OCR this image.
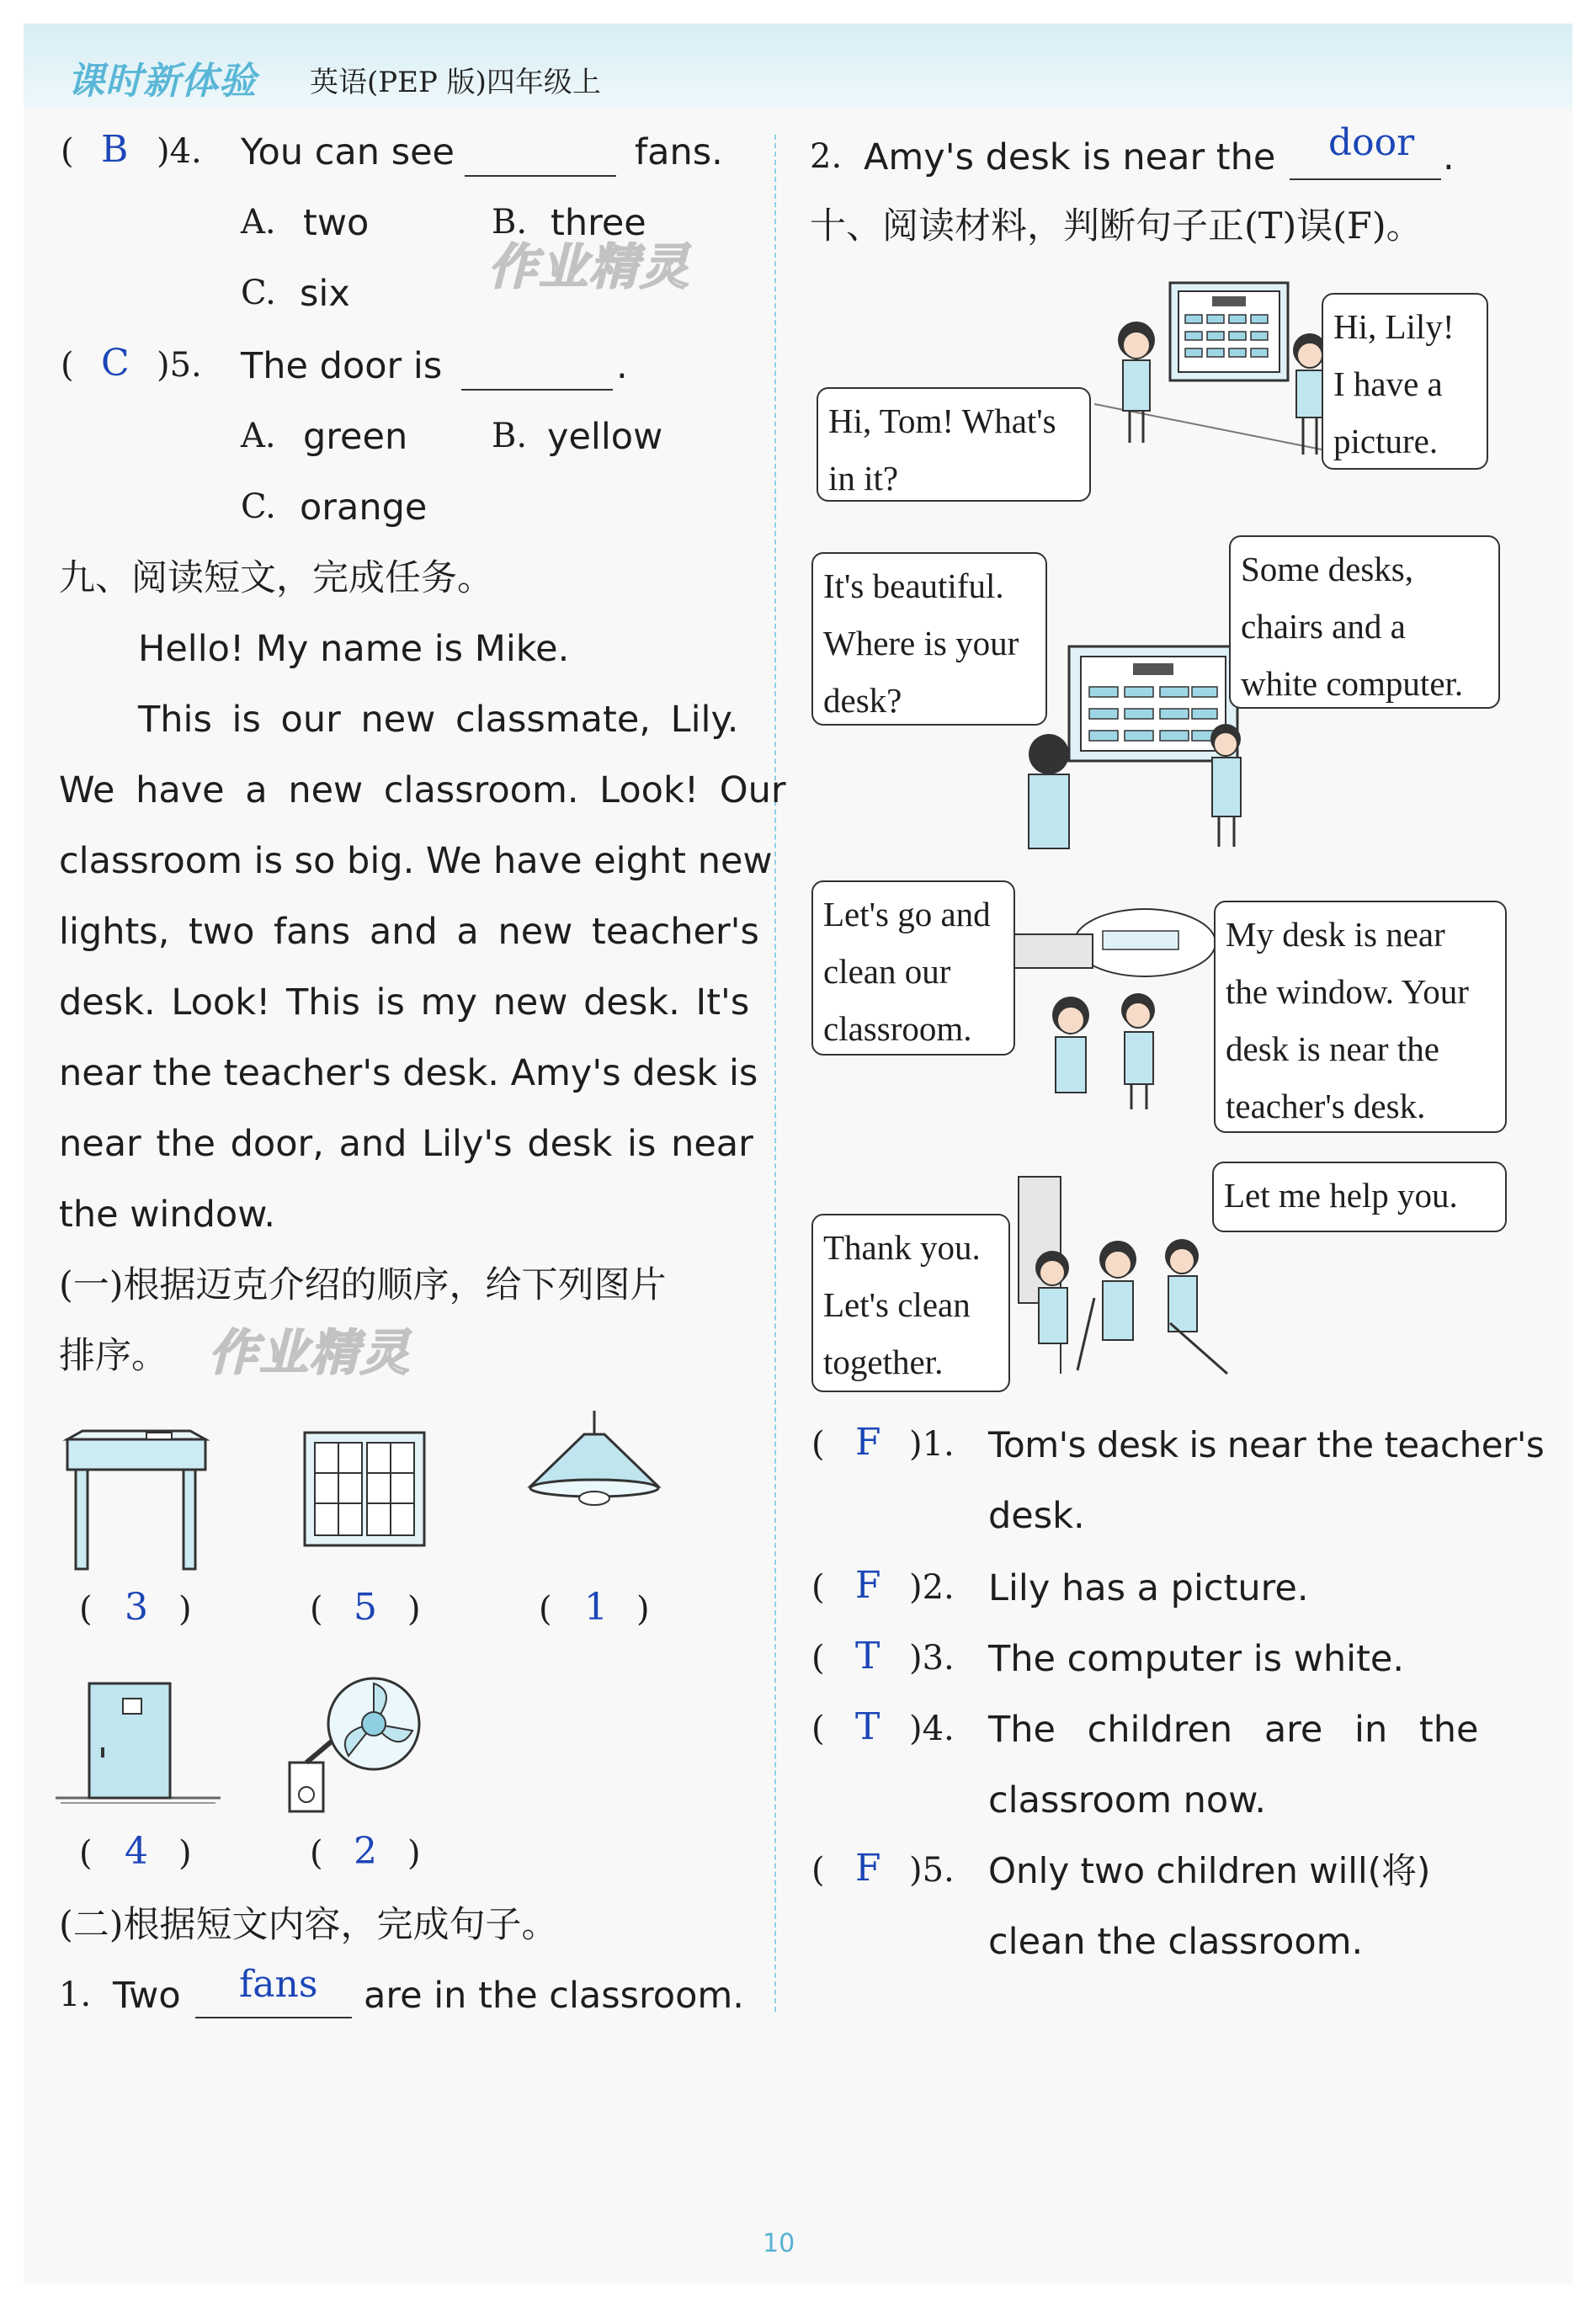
课时新体验 英语(PEP 版)四年级上
作业精灵
作业精灵
( B )4. You can see	fans.
A. two	B. three
C. six
( C )5. The door is	.
A. green B. yellow
C. orange
九、阅读短文，完成任务。
Hello! My name is Mike.
This is our new classmate, Lily.
We have a new classroom. Look! Our
classroom is so big. We have eight new
lights, two fans and a new teacher's
desk. Look! This is my new desk. It's
near the teacher's desk. Amy's desk is
near the door, and Lily's desk is near
the window.
(一)根据迈克介绍的顺序，给下列图片
排序。
( 3 )	( 5 )	( 1 )
( 4 )	( 2 )
(二)根据短文内容，完成句子。
1. Two fans are in the classroom.
2. Amy's desk is near the door .
十、阅读材料，判断句子正(T)误(F)。
Hi, Lily!
I have a
picture.
Hi, Tom! What's
in it?
It's beautiful.
Where is your
desk?
Some desks,
chairs and a
white computer.
Let's go and
clean our
classroom.
My desk is near
the window. Your
desk is near the
teacher's desk.
Let me help you.
Thank you.
Let's clean
together.
( F )1. Tom's desk is near the teacher's
desk.
( F )2. Lily has a picture.
( T )3. The computer is white.
( T )4. The children are in the
classroom now.
( F )5. Only two children will(将)
clean the classroom.
10
